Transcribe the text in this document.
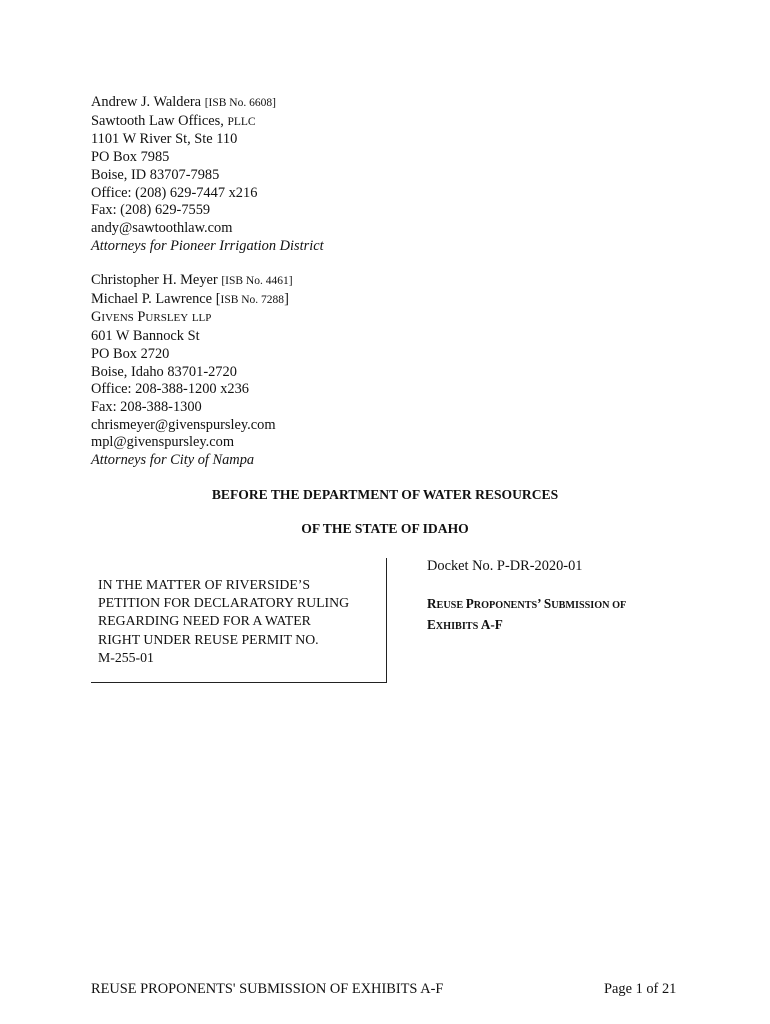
Andrew J. Waldera [ISB No. 6608]
Sawtooth Law Offices, PLLC
1101 W River St, Ste 110
PO Box 7985
Boise, ID 83707-7985
Office: (208) 629-7447 x216
Fax: (208) 629-7559
andy@sawtoothlaw.com
Attorneys for Pioneer Irrigation District
Christopher H. Meyer [ISB No. 4461]
Michael P. Lawrence [ISB No. 7288]
GIVENS PURSLEY LLP
601 W Bannock St
PO Box 2720
Boise, Idaho 83701-2720
Office: 208-388-1200 x236
Fax: 208-388-1300
chrismeyer@givenspursley.com
mpl@givenspursley.com
Attorneys for City of Nampa
BEFORE THE DEPARTMENT OF WATER RESOURCES
OF THE STATE OF IDAHO
IN THE MATTER OF RIVERSIDE’S
PETITION FOR DECLARATORY RULING
REGARDING NEED FOR A WATER
RIGHT UNDER REUSE PERMIT NO.
M-255-01
Docket No. P-DR-2020-01
REUSE PROPONENTS’ SUBMISSION OF
EXHIBITS A-F
REUSE PROPONENTS' SUBMISSION OF EXHIBITS A-F	Page 1 of 21
